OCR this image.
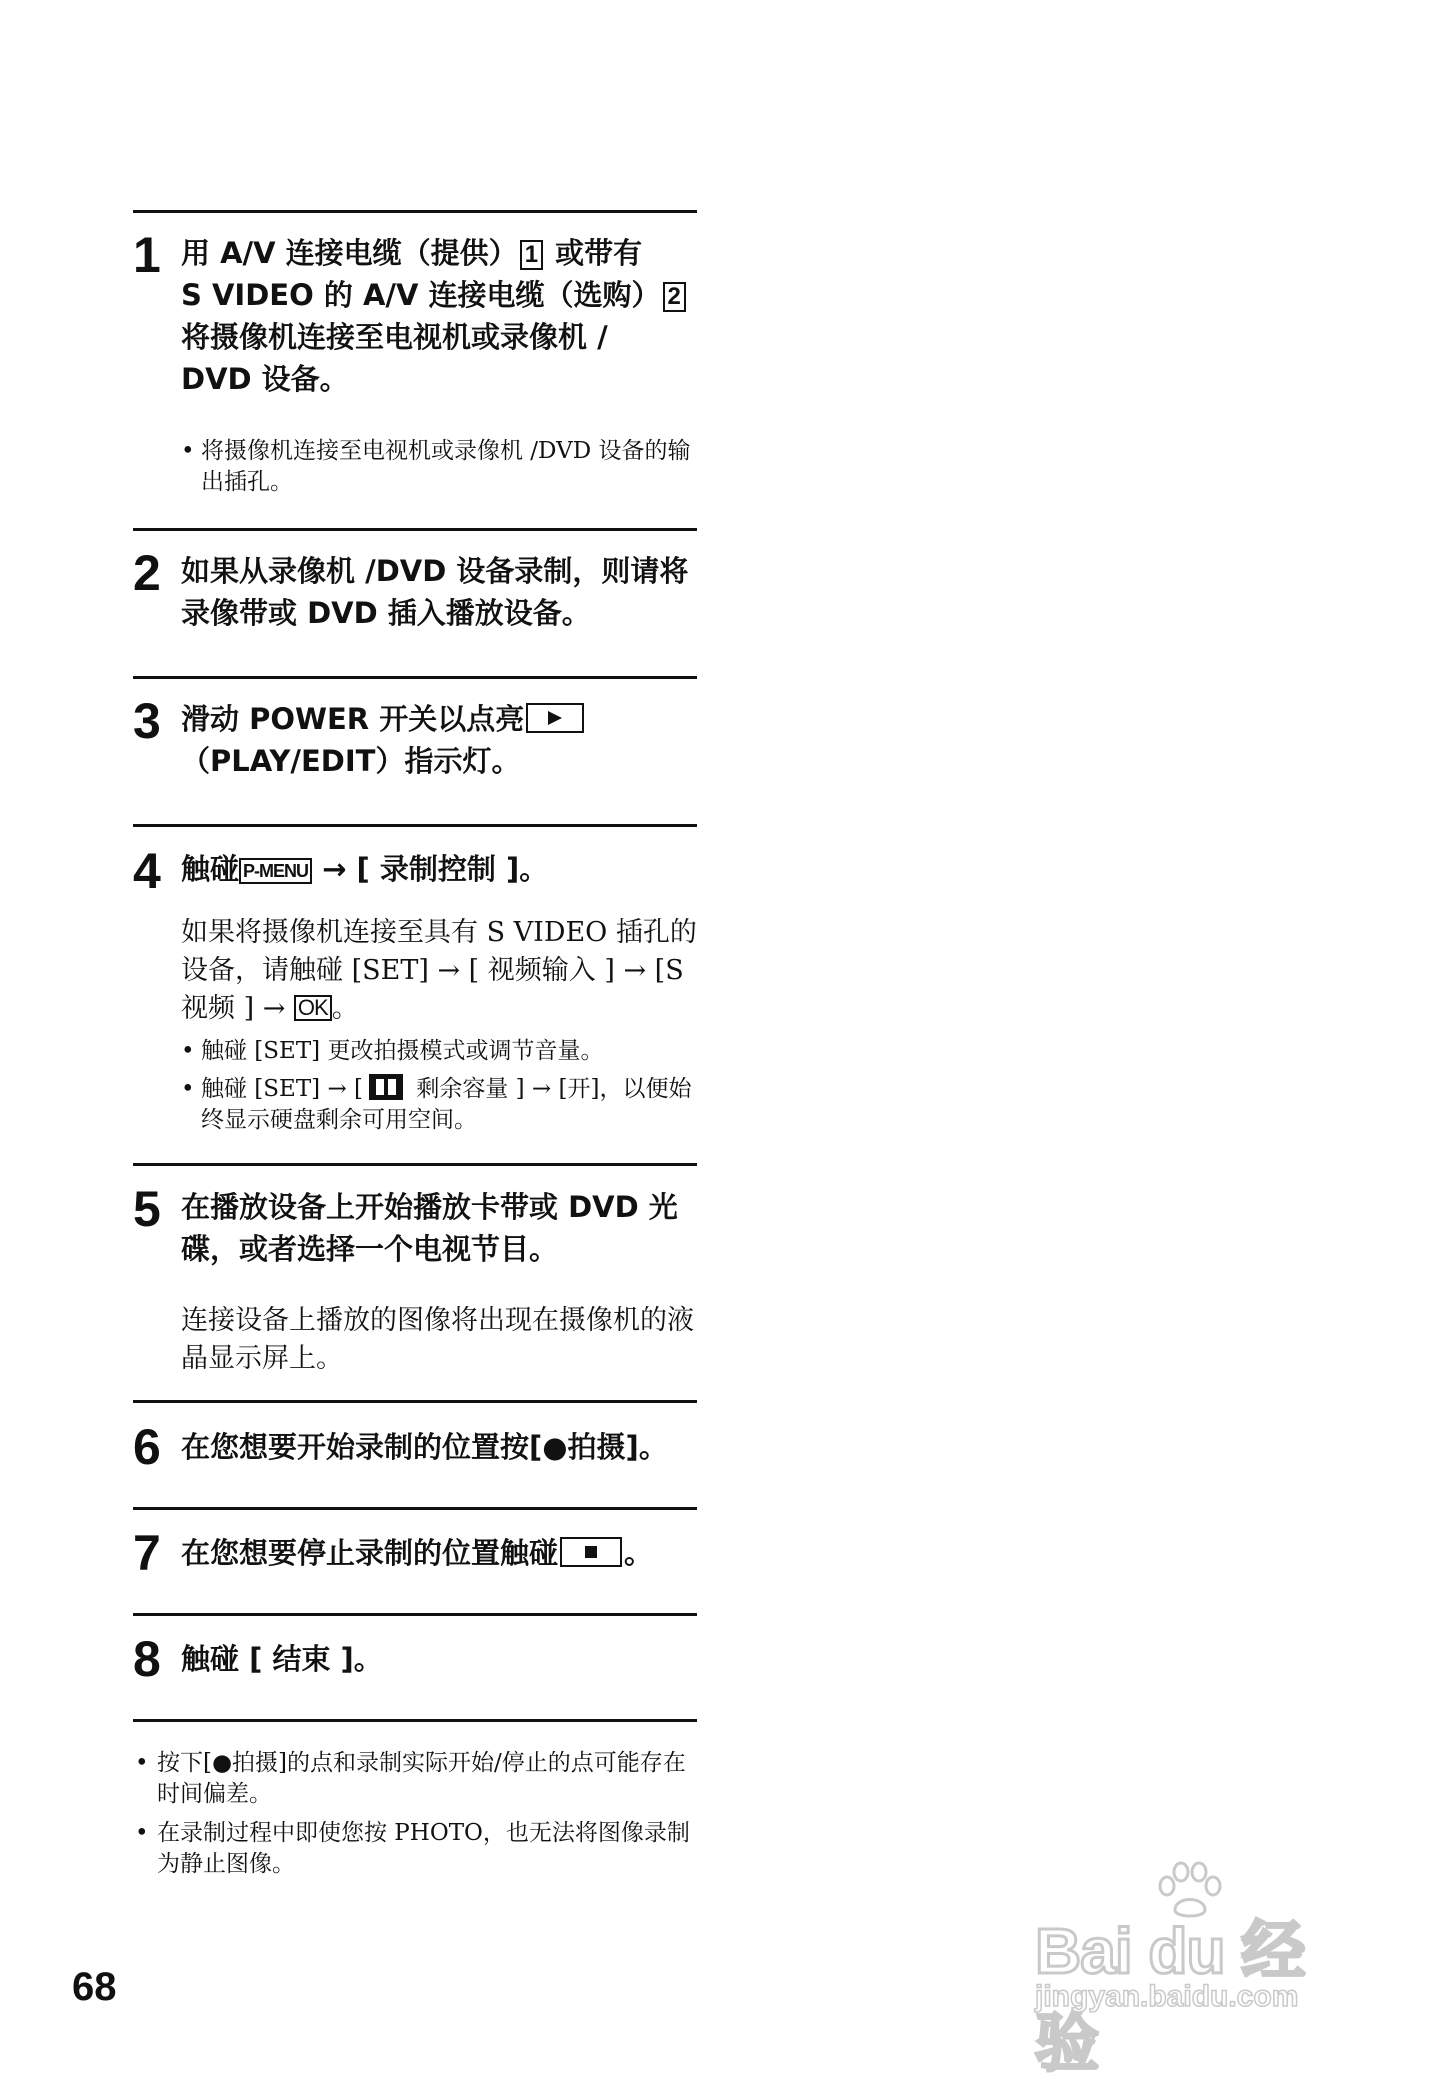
1 用 A/V 连接电缆（提供） 1 或带有
S VIDEO 的 A/V 连接电缆（选购） 2
将摄像机连接至电视机或录像机 /
DVD 设备。
• 将摄像机连接至电视机或录像机 /DVD 设备的输出插孔。
2 如果从录像机 /DVD 设备录制，则请将录像带或 DVD 插入播放设备。
3 滑动 POWER 开关以点亮
（PLAY/EDIT）指示灯。
4 触碰 P-MENU → [ 录制控制 ]。
如果将摄像机连接至具有 S VIDEO 插孔的设备，请触碰 [SET] → [ 视频输入 ] → [S 视频 ] → OK 。
• 触碰 [SET] 更改拍摄模式或调节音量。
• 触碰 [SET] → [ 剩余容量 ] → [开]，以便始终显示硬盘剩余可用空间。
5 在播放设备上开始播放卡带或 DVD 光碟，或者选择一个电视节目。
连接设备上播放的图像将出现在摄像机的液晶显示屏上。
6 在您想要开始录制的位置按[●拍摄]。
7 在您想要停止录制的位置触碰 。
8 触碰 [ 结束 ]。
• 按下[●拍摄]的点和录制实际开始/停止的点可能存在时间偏差。
• 在录制过程中即使您按 PHOTO，也无法将图像录制为静止图像。
68	Bai du 经验
jingyan.baidu.com
